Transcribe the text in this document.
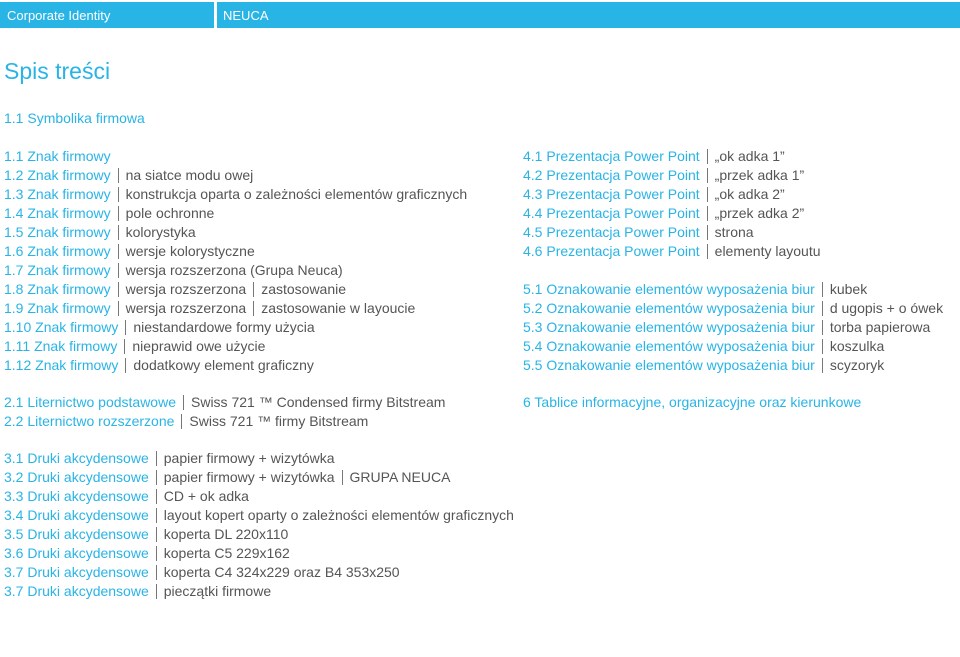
Corporate Identity	NEUCA
Spis treści
1.1 Symbolika firmowa
1.1 Znak firmowy
1.2 Znak firmowy na siatce modu owej
1.3 Znak firmowy konstrukcja oparta o zależności elementów graficznych
1.4 Znak firmowy pole ochronne
1.5 Znak firmowy kolorystyka
1.6 Znak firmowy wersje kolorystyczne
1.7 Znak firmowy wersja rozszerzona (Grupa Neuca)
1.8 Znak firmowy wersja rozszerzona zastosowanie
1.9 Znak firmowy wersja rozszerzona zastosowanie w layoucie
1.10 Znak firmowy niestandardowe formy użycia
1.11 Znak firmowy nieprawid owe użycie
1.12 Znak firmowy dodatkowy element graficzny
2.1 Liternictwo podstawowe Swiss 721 ™ Condensed firmy Bitstream
2.2 Liternictwo rozszerzone Swiss 721 ™ firmy Bitstream
3.1 Druki akcydensowe papier firmowy + wizytówka
3.2 Druki akcydensowe papier firmowy + wizytówka GRUPA NEUCA
3.3 Druki akcydensowe CD + ok adka
3.4 Druki akcydensowe layout kopert oparty o zależności elementów graficznych
3.5 Druki akcydensowe koperta DL 220x110
3.6 Druki akcydensowe koperta C5 229x162
3.7 Druki akcydensowe koperta C4 324x229 oraz B4 353x250
3.7 Druki akcydensowe pieczątki firmowe
4.1 Prezentacja Power Point „ok adka 1”
4.2 Prezentacja Power Point „przek adka 1”
4.3 Prezentacja Power Point „ok adka 2”
4.4 Prezentacja Power Point „przek adka 2”
4.5 Prezentacja Power Point strona
4.6 Prezentacja Power Point elementy layoutu
5.1 Oznakowanie elementów wyposażenia biur kubek
5.2 Oznakowanie elementów wyposażenia biur d ugopis + o ówek
5.3 Oznakowanie elementów wyposażenia biur torba papierowa
5.4 Oznakowanie elementów wyposażenia biur koszulka
5.5 Oznakowanie elementów wyposażenia biur scyzoryk
6 Tablice informacyjne, organizacyjne oraz kierunkowe
